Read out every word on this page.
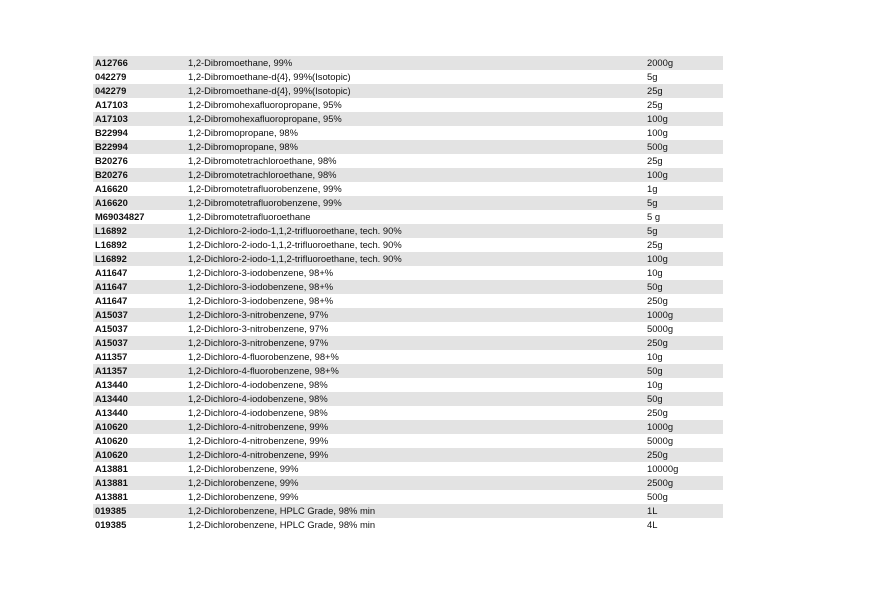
A12766	1,2-Dibromoethane, 99%	2000g
042279	1,2-Dibromoethane-d{4}, 99%(Isotopic)	5g
042279	1,2-Dibromoethane-d{4}, 99%(Isotopic)	25g
A17103	1,2-Dibromohexafluoropropane, 95%	25g
A17103	1,2-Dibromohexafluoropropane, 95%	100g
B22994	1,2-Dibromopropane, 98%	100g
B22994	1,2-Dibromopropane, 98%	500g
B20276	1,2-Dibromotetrachloroethane, 98%	25g
B20276	1,2-Dibromotetrachloroethane, 98%	100g
A16620	1,2-Dibromotetrafluorobenzene, 99%	1g
A16620	1,2-Dibromotetrafluorobenzene, 99%	5g
M69034827	1,2-Dibromotetrafluoroethane	5 g
L16892	1,2-Dichloro-2-iodo-1,1,2-trifluoroethane, tech. 90%	5g
L16892	1,2-Dichloro-2-iodo-1,1,2-trifluoroethane, tech. 90%	25g
L16892	1,2-Dichloro-2-iodo-1,1,2-trifluoroethane, tech. 90%	100g
A11647	1,2-Dichloro-3-iodobenzene, 98+%	10g
A11647	1,2-Dichloro-3-iodobenzene, 98+%	50g
A11647	1,2-Dichloro-3-iodobenzene, 98+%	250g
A15037	1,2-Dichloro-3-nitrobenzene, 97%	1000g
A15037	1,2-Dichloro-3-nitrobenzene, 97%	5000g
A15037	1,2-Dichloro-3-nitrobenzene, 97%	250g
A11357	1,2-Dichloro-4-fluorobenzene, 98+%	10g
A11357	1,2-Dichloro-4-fluorobenzene, 98+%	50g
A13440	1,2-Dichloro-4-iodobenzene, 98%	10g
A13440	1,2-Dichloro-4-iodobenzene, 98%	50g
A13440	1,2-Dichloro-4-iodobenzene, 98%	250g
A10620	1,2-Dichloro-4-nitrobenzene, 99%	1000g
A10620	1,2-Dichloro-4-nitrobenzene, 99%	5000g
A10620	1,2-Dichloro-4-nitrobenzene, 99%	250g
A13881	1,2-Dichlorobenzene, 99%	10000g
A13881	1,2-Dichlorobenzene, 99%	2500g
A13881	1,2-Dichlorobenzene, 99%	500g
019385	1,2-Dichlorobenzene, HPLC Grade, 98% min	1L
019385	1,2-Dichlorobenzene, HPLC Grade, 98% min	4L
